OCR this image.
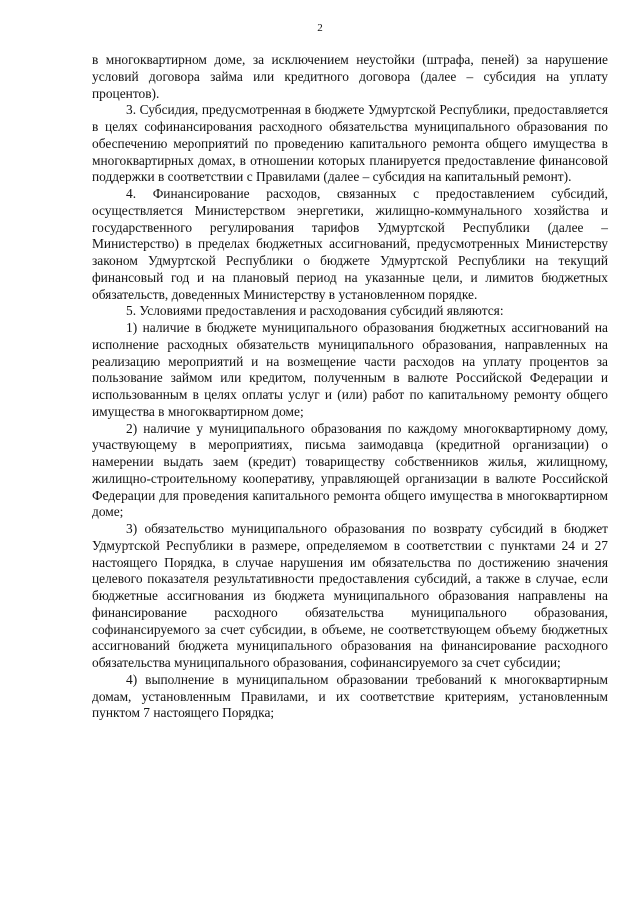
2

в многоквартирном доме, за исключением неустойки (штрафа, пеней) за нарушение условий договора займа или кредитного договора (далее – субсидия на уплату процентов).

3. Субсидия, предусмотренная в бюджете Удмуртской Республики, предоставляется в целях софинансирования расходного обязательства муниципального образования по обеспечению мероприятий по проведению капитального ремонта общего имущества в многоквартирных домах, в отношении которых планируется предоставление финансовой поддержки в соответствии с Правилами (далее – субсидия на капитальный ремонт).

4. Финансирование расходов, связанных с предоставлением субсидий, осуществляется Министерством энергетики, жилищно-коммунального хозяйства и государственного регулирования тарифов Удмуртской Республики (далее – Министерство) в пределах бюджетных ассигнований, предусмотренных Министерству законом Удмуртской Республики о бюджете Удмуртской Республики на текущий финансовый год и на плановый период на указанные цели, и лимитов бюджетных обязательств, доведенных Министерству в установленном порядке.

5. Условиями предоставления и расходования субсидий являются:

1) наличие в бюджете муниципального образования бюджетных ассигнований на исполнение расходных обязательств муниципального образования, направленных на реализацию мероприятий и на возмещение части расходов на уплату процентов за пользование займом или кредитом, полученным в валюте Российской Федерации и использованным в целях оплаты услуг и (или) работ по капитальному ремонту общего имущества в многоквартирном доме;

2) наличие у муниципального образования по каждому многоквартирному дому, участвующему в мероприятиях, письма заимодавца (кредитной организации) о намерении выдать заем (кредит) товариществу собственников жилья, жилищному, жилищно-строительному кооперативу, управляющей организации в валюте Российской Федерации для проведения капитального ремонта общего имущества в многоквартирном доме;

3) обязательство муниципального образования по возврату субсидий в бюджет Удмуртской Республики в размере, определяемом в соответствии с пунктами 24 и 27 настоящего Порядка, в случае нарушения им обязательства по достижению значения целевого показателя результативности предоставления субсидий, а также в случае, если бюджетные ассигнования из бюджета муниципального образования направлены на финансирование расходного обязательства муниципального образования, софинансируемого за счет субсидии, в объеме, не соответствующем объему бюджетных ассигнований бюджета муниципального образования на финансирование расходного обязательства муниципального образования, софинансируемого за счет субсидии;

4) выполнение в муниципальном образовании требований к многоквартирным домам, установленным Правилами, и их соответствие критериям, установленным пунктом 7 настоящего Порядка;
